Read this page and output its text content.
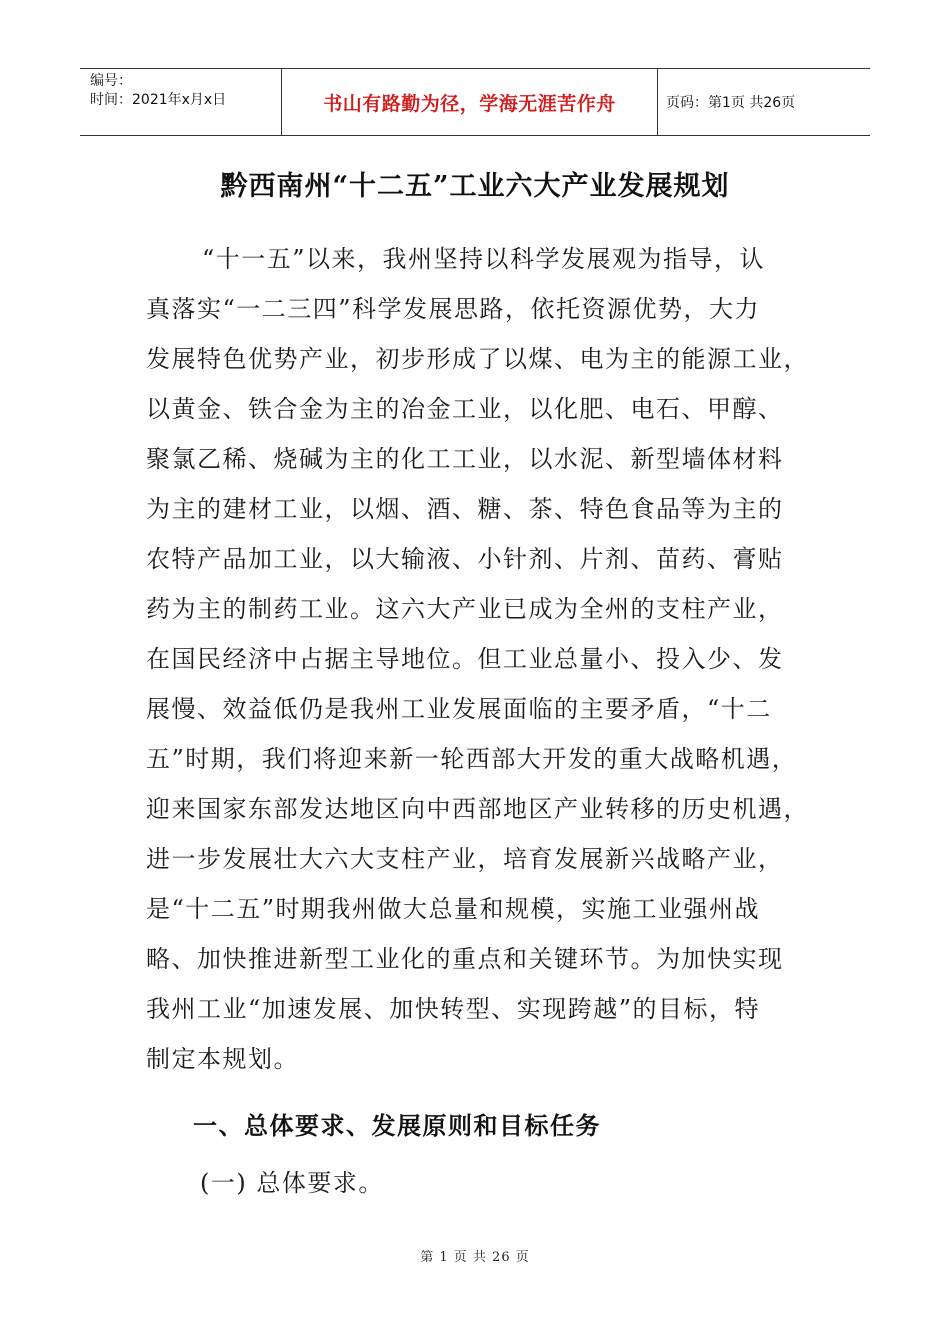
编号：
时间：2021年x月x日	书山有路勤为径，学海无涯苦作舟	页码：第1页 共26页
黔西南州“十二五”工业六大产业发展规划
“十一五”以来，我州坚持以科学发展观为指导，认
真落实“一二三四”科学发展思路，依托资源优势，大力
发展特色优势产业，初步形成了以煤、电为主的能源工业，
以黄金、铁合金为主的冶金工业，以化肥、电石、甲醇、
聚氯乙稀、烧碱为主的化工工业，以水泥、新型墙体材料
为主的建材工业，以烟、酒、糖、茶、特色食品等为主的
农特产品加工业，以大输液、小针剂、片剂、苗药、膏贴
药为主的制药工业。这六大产业已成为全州的支柱产业，
在国民经济中占据主导地位。但工业总量小、投入少、发
展慢、效益低仍是我州工业发展面临的主要矛盾，“十二
五”时期，我们将迎来新一轮西部大开发的重大战略机遇，
迎来国家东部发达地区向中西部地区产业转移的历史机遇，
进一步发展壮大六大支柱产业，培育发展新兴战略产业，
是“十二五”时期我州做大总量和规模，实施工业强州战
略、加快推进新型工业化的重点和关键环节。为加快实现
我州工业“加速发展、加快转型、实现跨越”的目标，特
制定本规划。
一、总体要求、发展原则和目标任务
(一) 总体要求。
第 1 页 共 26 页
